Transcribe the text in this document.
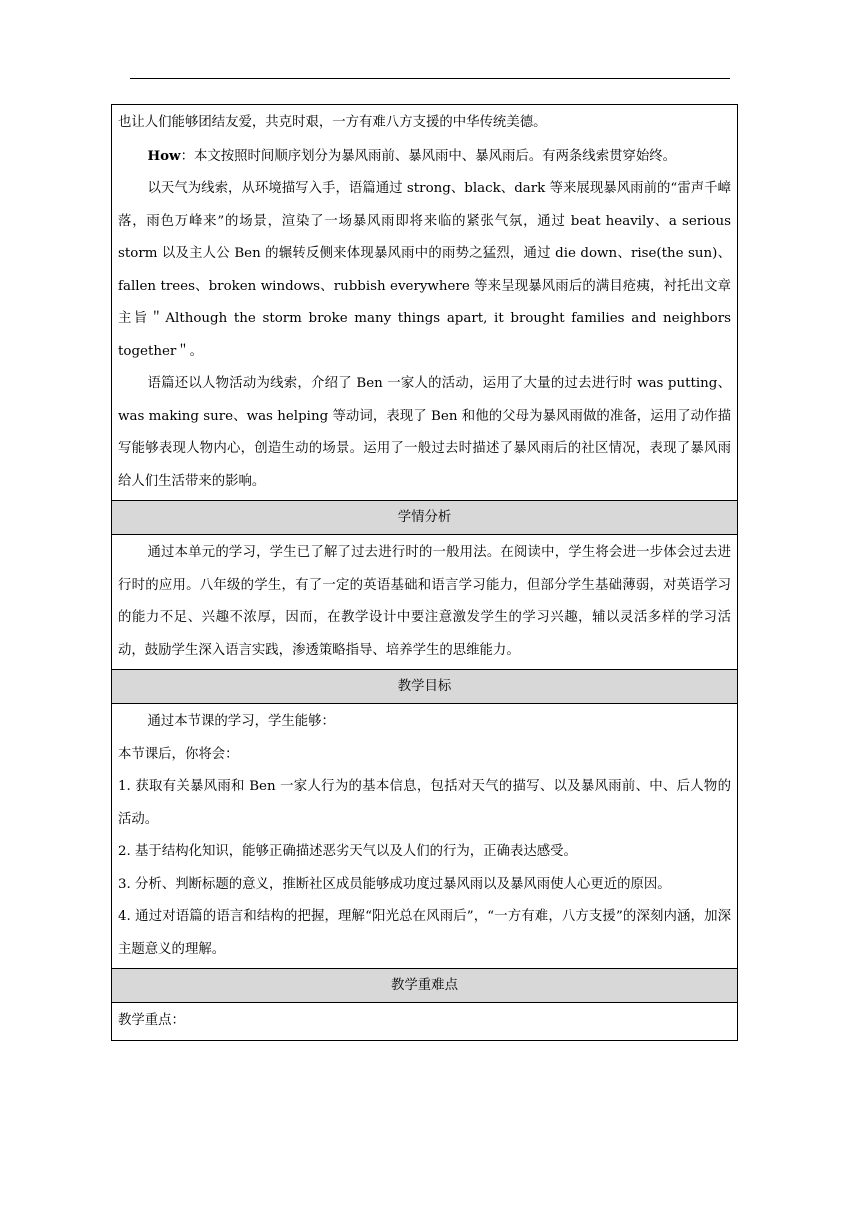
也让人们能够团结友爱，共克时艰，一方有难八方支援的中华传统美德。

How：本文按照时间顺序划分为暴风雨前、暴风雨中、暴风雨后。有两条线索贯穿始终。

以天气为线索，从环境描写入手，语篇通过 strong、black、dark 等来展现暴风雨前的“雷声千嶂落，雨色万峰来”的场景，渲染了一场暴风雨即将来临的紧张气氛，通过 beat heavily、a serious storm 以及主人公 Ben 的辗转反侧来体现暴风雨中的雨势之猛烈，通过 die down、rise(the sun)、fallen trees、broken windows、rubbish everywhere 等来呈现暴风雨后的满目疮痍，衬托出文章主旨＂Although the storm broke many things apart, it brought families and neighbors together＂。

语篇还以人物活动为线索，介绍了 Ben 一家人的活动，运用了大量的过去进行时 was putting、was making sure、was helping 等动词，表现了 Ben 和他的父母为暴风雨做的准备，运用了动作描写能够表现人物内心，创造生动的场景。运用了一般过去时描述了暴风雨后的社区情况，表现了暴风雨给人们生活带来的影响。

学情分析

通过本单元的学习，学生已了解了过去进行时的一般用法。在阅读中，学生将会进一步体会过去进行时的应用。八年级的学生，有了一定的英语基础和语言学习能力，但部分学生基础薄弱，对英语学习的能力不足、兴趣不浓厚，因而，在教学设计中要注意激发学生的学习兴趣，辅以灵活多样的学习活动，鼓励学生深入语言实践，渗透策略指导、培养学生的思维能力。

教学目标

通过本节课的学习，学生能够：

本节课后，你将会：

1. 获取有关暴风雨和 Ben 一家人行为的基本信息，包括对天气的描写、以及暴风雨前、中、后人物的活动。

2. 基于结构化知识，能够正确描述恶劣天气以及人们的行为，正确表达感受。

3. 分析、判断标题的意义，推断社区成员能够成功度过暴风雨以及暴风雨使人心更近的原因。

4. 通过对语篇的语言和结构的把握，理解“阳光总在风雨后”，“一方有难，八方支援”的深刻内涵，加深主题意义的理解。

教学重难点

教学重点：
